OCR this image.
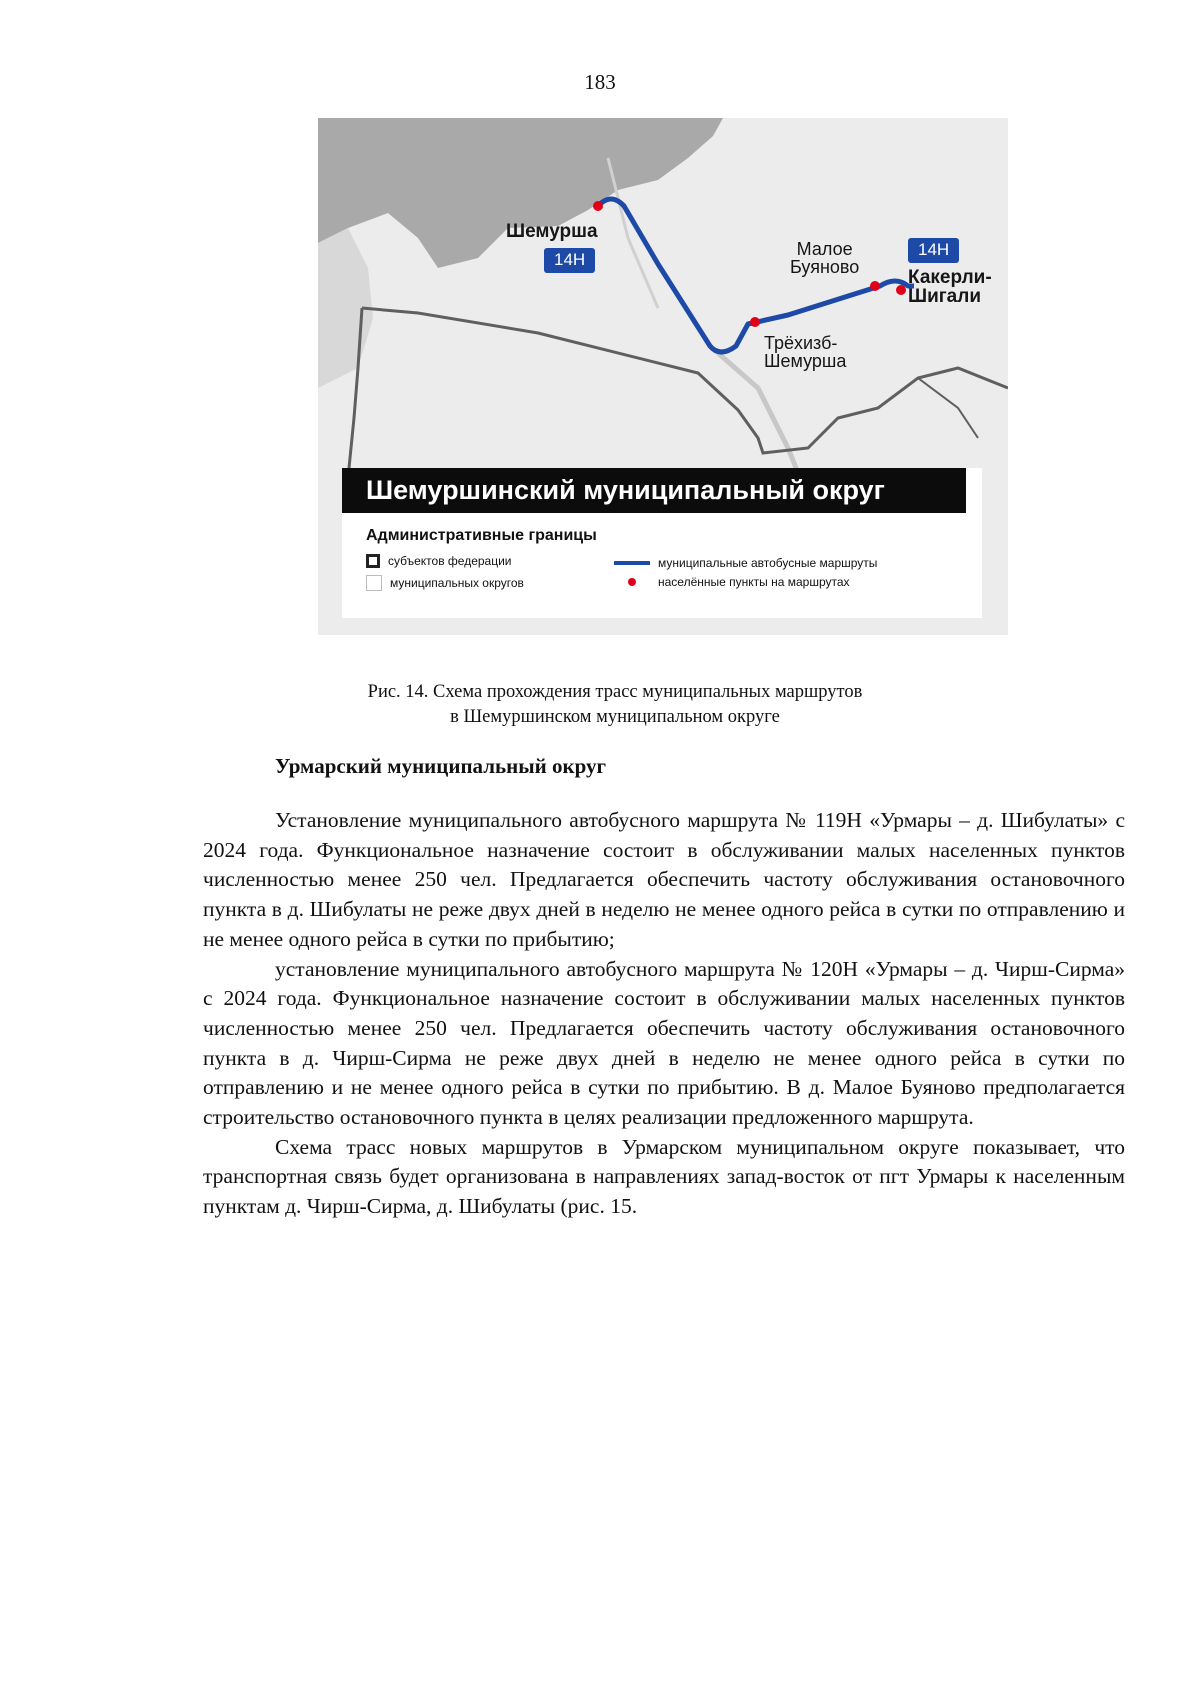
183
Шемурша
14Н
Малое
Буяново
14Н
Какерли-
Шигали
Трёхизб-
Шемуршa
Шемуршинский муниципальный округ
Административные границы
субъектов федерации
муниципальных округов
муниципальные автобусные маршруты
населённые пункты на маршрутах
Рис. 14. Схема прохождения трасс муниципальных маршрутов
в Шемуршинском муниципальном округе
Урмарский муниципальный округ

Установление муниципального автобусного маршрута № 119Н «Урмары – д. Шибулаты» с 2024 года. Функциональное назначение состоит в обслуживании малых населенных пунктов численностью менее 250 чел. Предлагается обеспечить частоту обслуживания остановочного пункта в д. Шибулаты не реже двух дней в неделю не менее одного рейса в сутки по отправлению и не менее одного рейса в сутки по прибытию;

установление муниципального автобусного маршрута № 120Н «Урмары – д. Чирш-Сирма» с 2024 года. Функциональное назначение состоит в обслуживании малых населенных пунктов численностью менее 250 чел. Предлагается обеспечить частоту обслуживания остановочного пункта в д. Чирш-Сирма не реже двух дней в неделю не менее одного рейса в сутки по отправлению и не менее одного рейса в сутки по прибытию. В д. Малое Буяново предполагается строительство остановочного пункта в целях реализации предложенного маршрута.

Схема трасс новых маршрутов в Урмарском муниципальном округе показывает, что транспортная связь будет организована в направлениях запад-восток от пгт Урмары к населенным пунктам д. Чирш-Сирма, д. Шибулаты (рис. 15.
